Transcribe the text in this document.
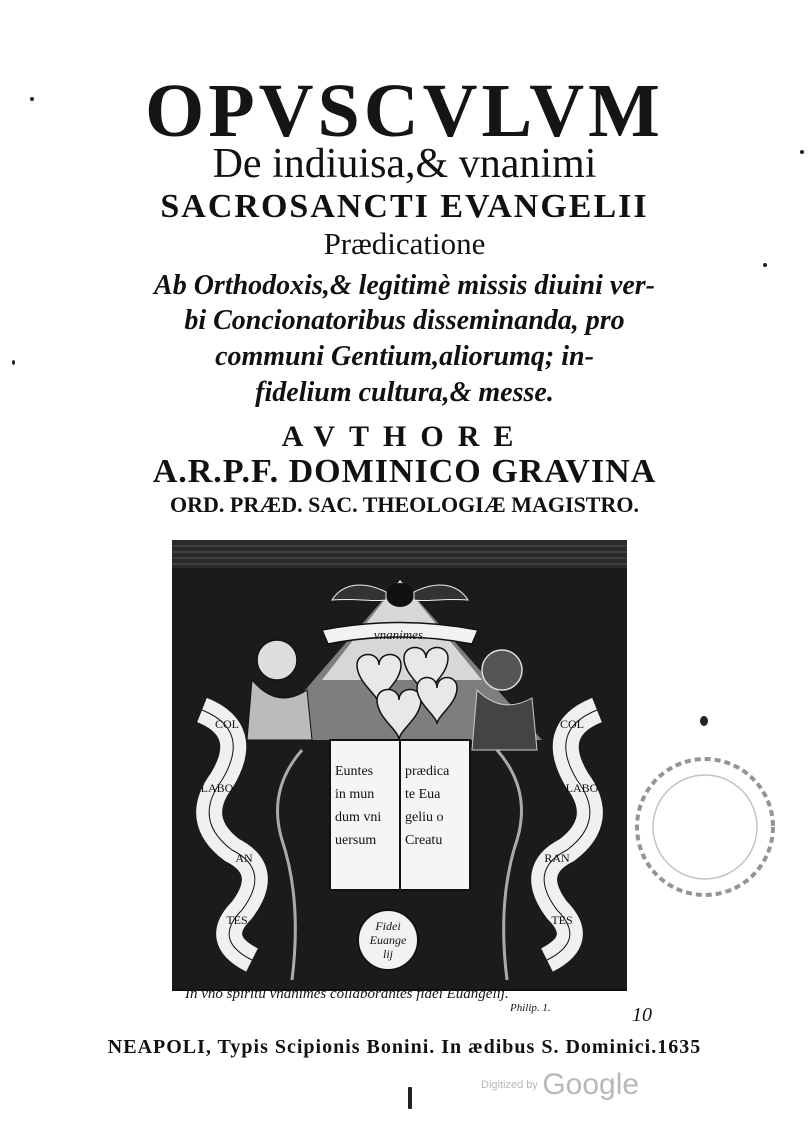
OPVSCVLVM
De indiuisa,& vnanimi
SACROSANCTI EVANGELII
Prædicatione
Ab Orthodoxis,& legitimè missis diuini ver-
bi Concionatoribus disseminanda, pro
communi Gentium,aliorumq; in-
fidelium cultura,& messe.
AVTHORE
A.R.P.F. DOMINICO GRAVINA
ORD. PRÆD. SAC. THEOLOGIÆ MAGISTRO.
vnanimes.
Euntes
in mun
dum vni
uersum
prædica
te Eua
geliu o
Creatu
COL
LABO
AN
TES
COL
LABO
RAN
TES
Fidei
Euange
lij
In vno spiritu vnanimes collaborantes fidei Euangelij.
Philip. 1.	10
NEAPOLI, Typis Scipionis Bonini. In ædibus S. Dominici.1635
Digitized by Google
